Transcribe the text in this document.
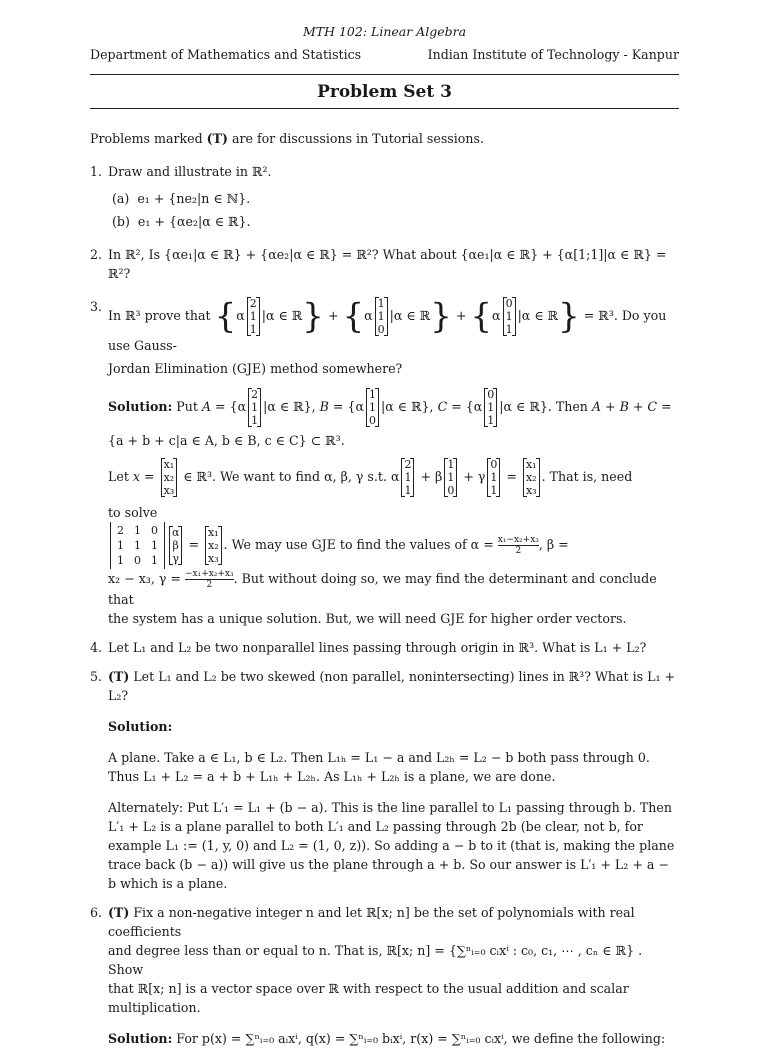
MTH 102: Linear Algebra
Department of Mathematics and Statistics	Indian Institute of Technology - Kanpur
Problem Set 3

Problems marked (T) are for discussions in Tutorial sessions.

1. Draw and illustrate in ℝ².

(a) e₁ + {ne₂|n ∈ ℕ}.
(b) e₁ + {αe₂|α ∈ ℝ}.
2. In ℝ², Is {αe₁|α ∈ ℝ} + {αe₂|α ∈ ℝ} = ℝ²? What about {αe₁|α ∈ ℝ} + {α[1;1]|α ∈ ℝ} = ℝ²?

3.

In ℝ³ prove that {α
2
1
1
|α ∈ ℝ} + {α
1
1
0
|α ∈ ℝ} + {α
0
1
1
|α ∈ ℝ} = ℝ³. Do you use Gauss-

Jordan Elimination (GJE) method somewhere?

Solution: Put A = {α
2
1
1
|α ∈ ℝ}, B = {α
1
1
0
|α ∈ ℝ}, C = {α
0
1
1
|α ∈ ℝ}. Then A + B + C =

{a + b + c|a ∈ A, b ∈ B, c ∈ C} ⊂ ℝ³.

Let x =
x₁
x₂
x₃
∈ ℝ³. We want to find α, β, γ s.t. α
2
1
1
+ β
1
1
0
+ γ
0
1
1
=
x₁
x₂
x₃
. That is, need

to solve

2	1	0
1	1	1
1	0	1
α
β
γ
=
x₁
x₂
x₃
. We may use GJE to find the values of $\alpha = \frac{\text{x₁−x₂+x₃}}{2}$ , β =

x₂ − x₃, $\gamma = \frac{\text{−x₁+x₂+x₃}}{2}$ . But without doing so, we may find the determinant and conclude that

the system has a unique solution. But, we will need GJE for higher order vectors.

4. Let L₁ and L₂ be two nonparallel lines passing through origin in ℝ³. What is L₁ + L₂?

5. (T) Let L₁ and L₂ be two skewed (non parallel, nonintersecting) lines in ℝ³? What is L₁ + L₂?

Solution:

A plane. Take a ∈ L₁, b ∈ L₂. Then L₁ₕ = L₁ − a and L₂ₕ = L₂ − b both pass through 0.

Thus L₁ + L₂ = a + b + L₁ₕ + L₂ₕ. As L₁ₕ + L₂ₕ is a plane, we are done.

Alternately: Put L′₁ = L₁ + (b − a). This is the line parallel to L₁ passing through b. Then L′₁ + L₂ is a plane parallel to both L′₁ and L₂ passing through 2b (be clear, not b, for example L₁ := (1, y, 0) and L₂ = (1, 0, z)). So adding a − b to it (that is, making the plane trace back (b − a)) will give us the plane through a + b. So our answer is L′₁ + L₂ + a − b which is a plane.

6. (T) Fix a non-negative integer n and let ℝ[x; n] be the set of polynomials with real coefficients

and degree less than or equal to n. That is, ℝ[x; n] = {∑ⁿᵢ₌₀ cᵢxⁱ : c₀, c₁, ⋯ , cₙ ∈ ℝ} . Show

that ℝ[x; n] is a vector space over ℝ with respect to the usual addition and scalar multiplication.

Solution: For p(x) = ∑ⁿᵢ₌₀ aᵢxⁱ, q(x) = ∑ⁿᵢ₌₀ bᵢxⁱ, r(x) = ∑ⁿᵢ₌₀ cᵢxⁱ, we define the following:
